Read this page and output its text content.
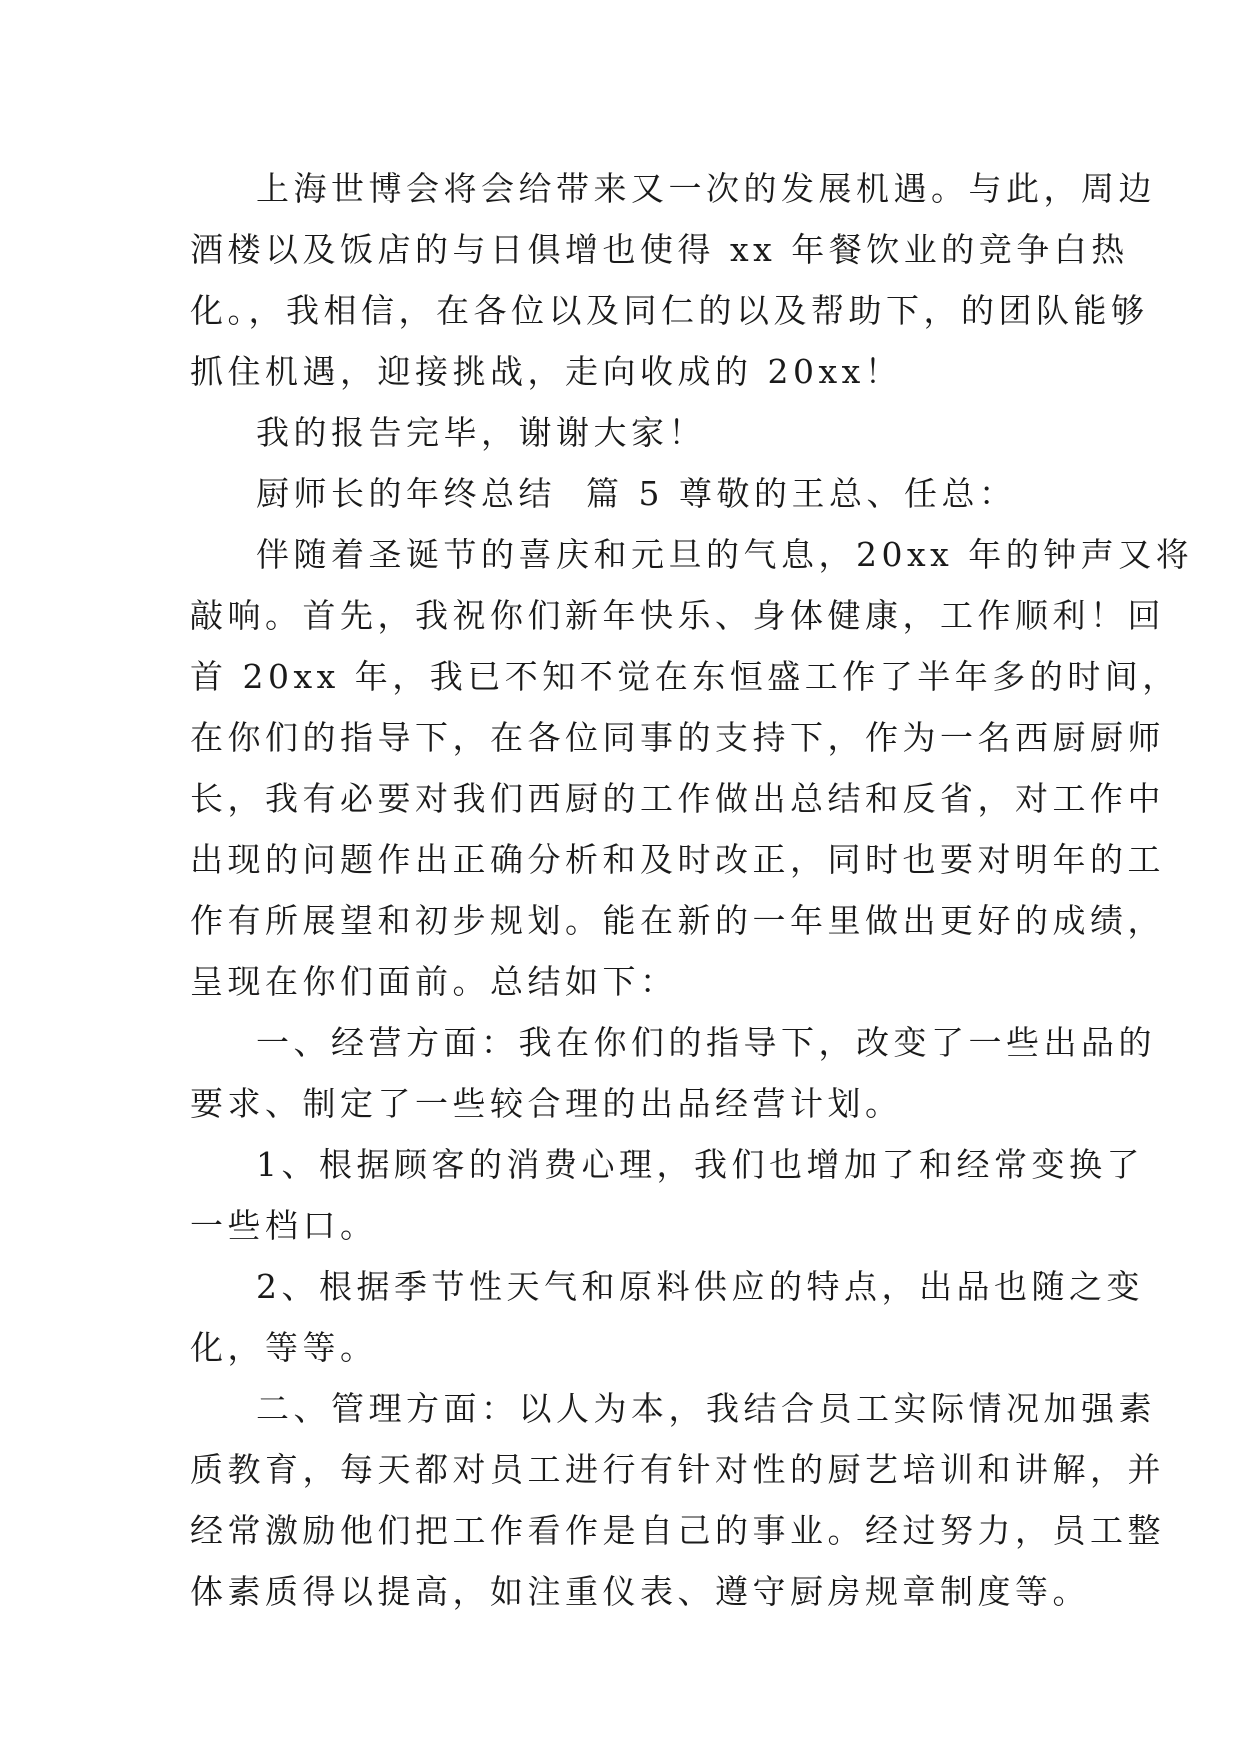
上海世博会将会给带来又一次的发展机遇。与此，周边
酒楼以及饭店的与日俱增也使得 xx 年餐饮业的竞争白热
化。，我相信，在各位以及同仁的以及帮助下，的团队能够
抓住机遇，迎接挑战，走向收成的 20xx！
我的报告完毕，谢谢大家！
厨师长的年终总结  篇 5 尊敬的王总、任总：
伴随着圣诞节的喜庆和元旦的气息，20xx 年的钟声又将
敲响。首先，我祝你们新年快乐、身体健康，工作顺利！回
首 20xx 年，我已不知不觉在东恒盛工作了半年多的时间，
在你们的指导下，在各位同事的支持下，作为一名西厨厨师
长，我有必要对我们西厨的工作做出总结和反省，对工作中
出现的问题作出正确分析和及时改正，同时也要对明年的工
作有所展望和初步规划。能在新的一年里做出更好的成绩，
呈现在你们面前。总结如下：
一、经营方面：我在你们的指导下，改变了一些出品的
要求、制定了一些较合理的出品经营计划。
1、根据顾客的消费心理，我们也增加了和经常变换了
一些档口。
2、根据季节性天气和原料供应的特点，出品也随之变
化，等等。
二、管理方面：以人为本，我结合员工实际情况加强素
质教育，每天都对员工进行有针对性的厨艺培训和讲解，并
经常激励他们把工作看作是自己的事业。经过努力，员工整
体素质得以提高，如注重仪表、遵守厨房规章制度等。
